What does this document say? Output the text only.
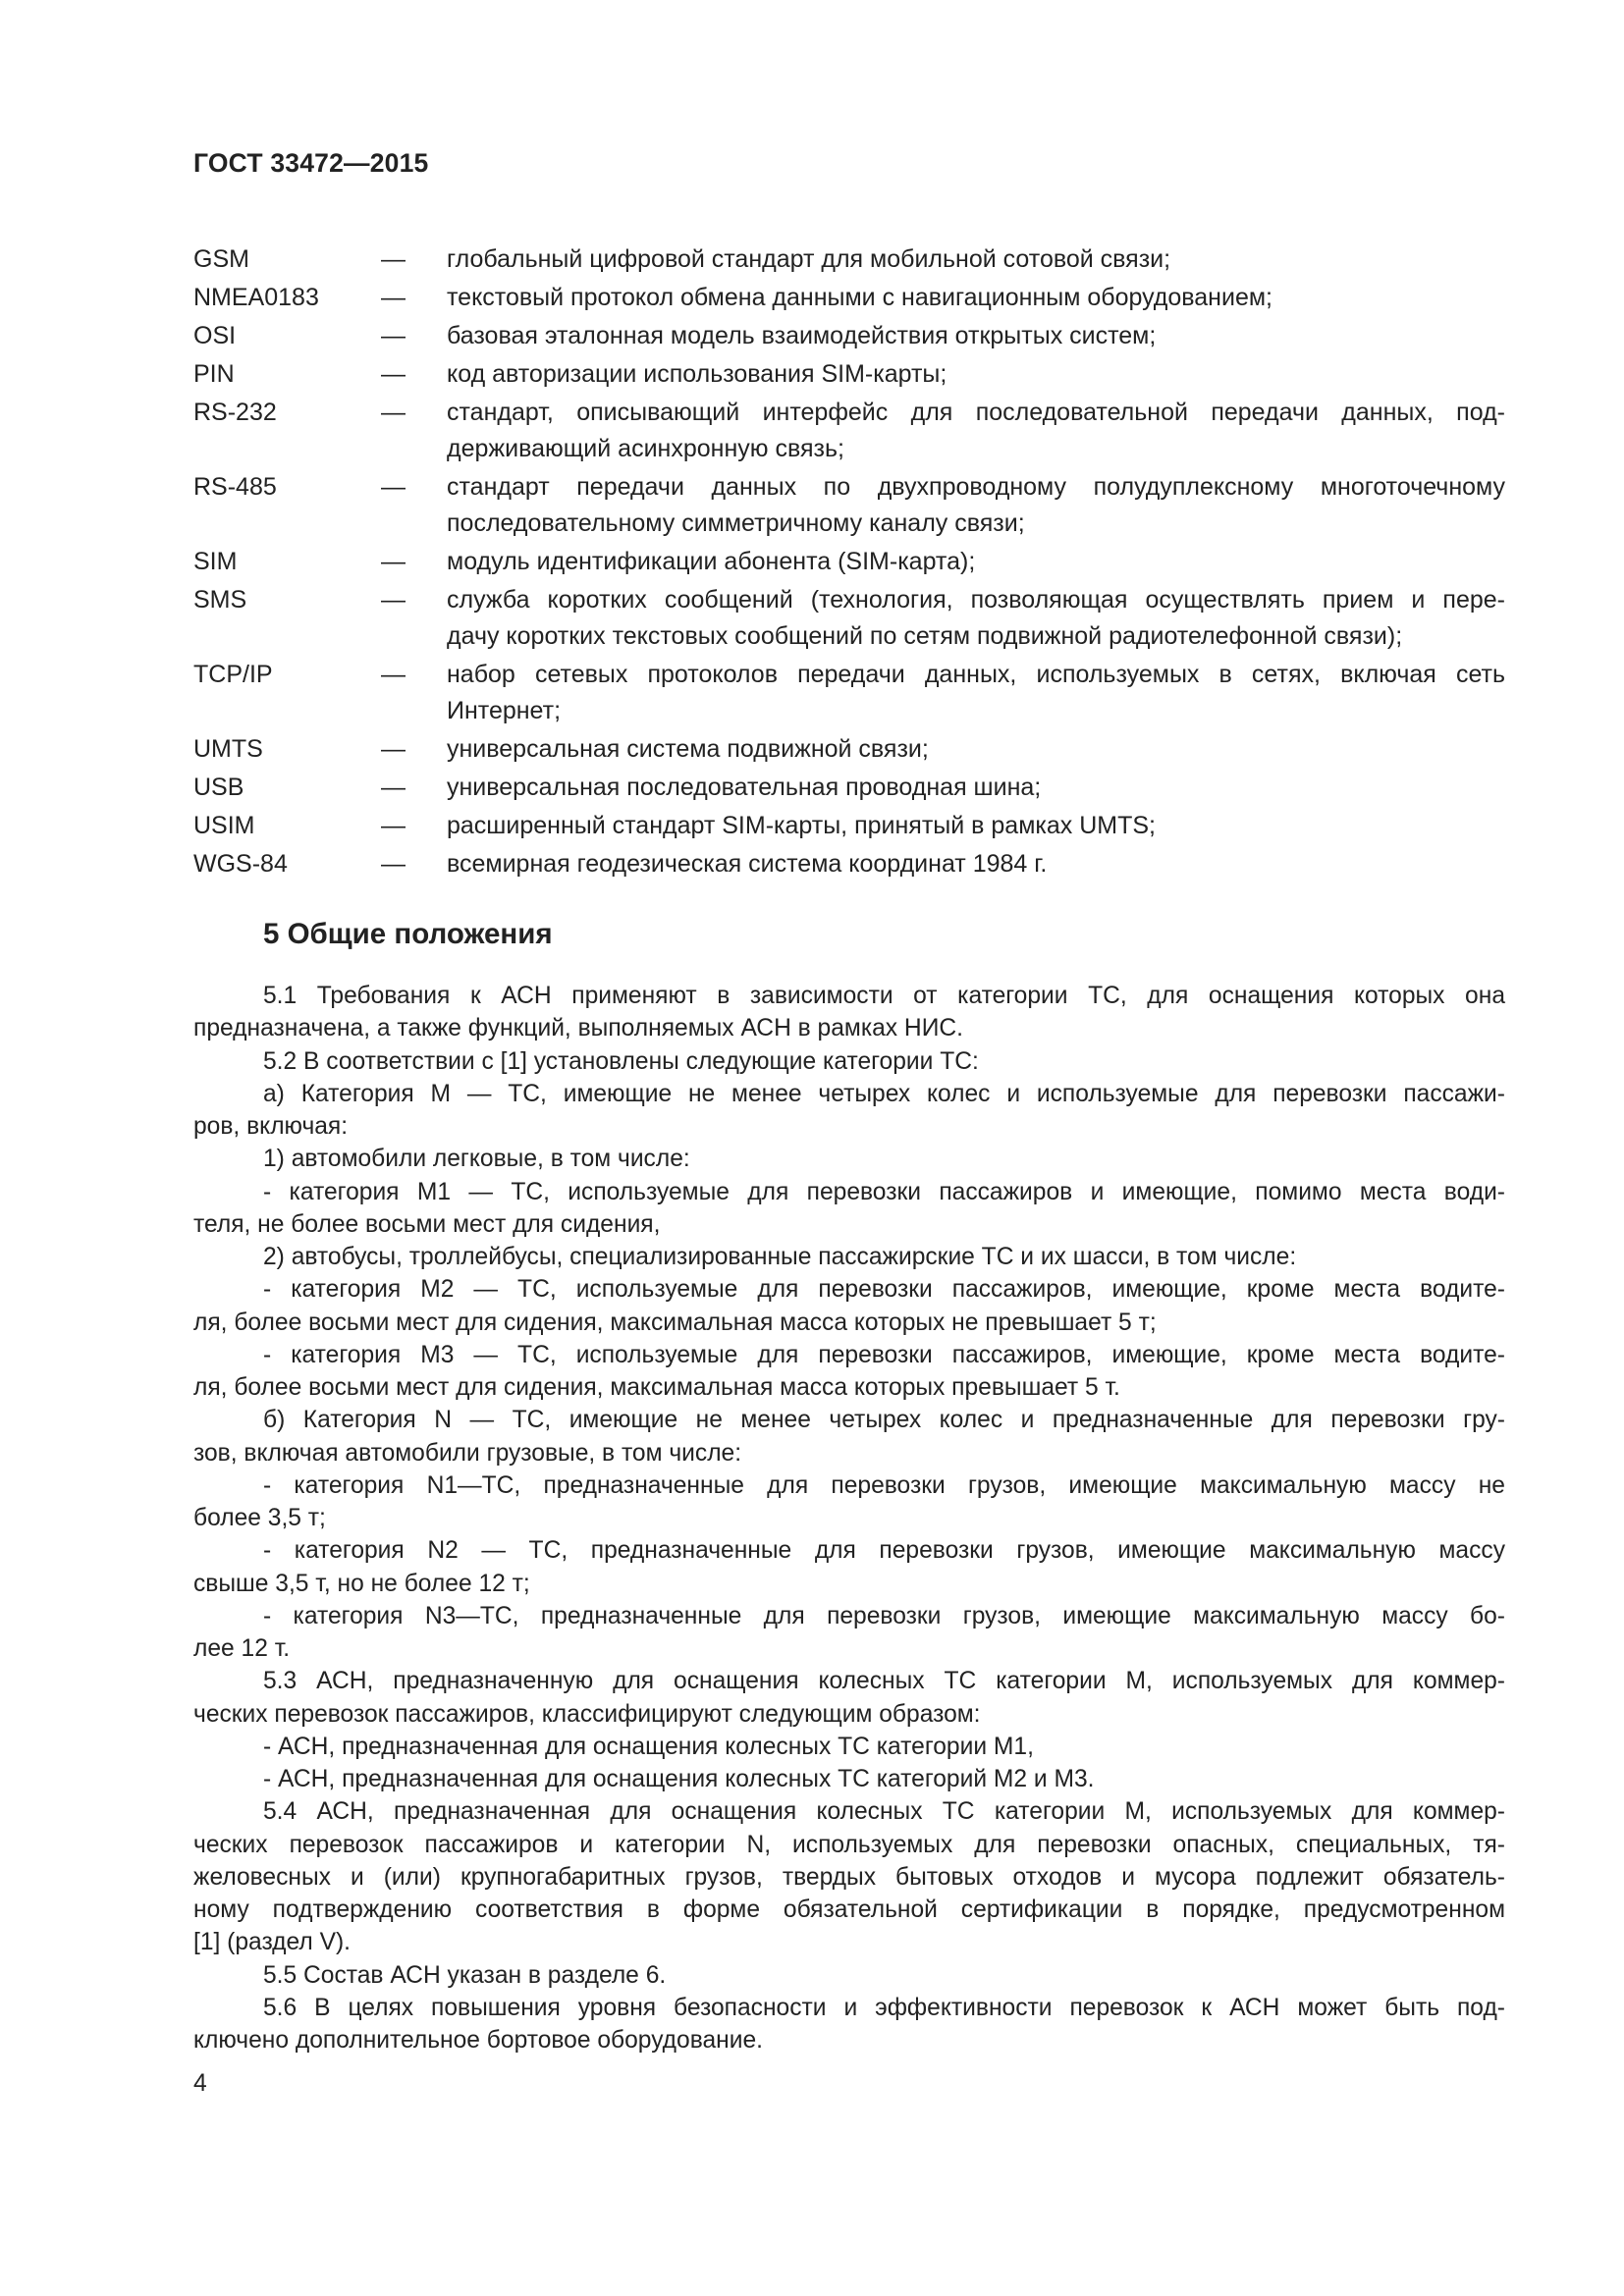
ГОСТ 33472—2015
GSM	—	глобальный цифровой стандарт для мобильной сотовой связи;
NMEA0183	—	текстовый протокол обмена данными с навигационным оборудованием;
OSI	—	базовая эталонная модель взаимодействия открытых систем;
PIN	—	код авторизации использования SIM-карты;
RS-232	—	стандарт, описывающий интерфейс для последовательной передачи данных, под-
держивающий асинхронную связь;
RS-485	—	стандарт передачи данных по двухпроводному полудуплексному многоточечному
последовательному симметричному каналу связи;
SIM	—	модуль идентификации абонента (SIM-карта);
SMS	—	служба коротких сообщений (технология, позволяющая осуществлять прием и пере-
дачу коротких текстовых сообщений по сетям подвижной радиотелефонной связи);
TCP/IP	—	набор сетевых протоколов передачи данных, используемых в сетях, включая сеть
Интернет;
UMTS	—	универсальная система подвижной связи;
USB	—	универсальная последовательная проводная шина;
USIM	—	расширенный стандарт SIM-карты, принятый в рамках UMTS;
WGS-84	—	всемирная геодезическая система координат 1984 г.
5 Общие положения
5.1 Требования к АСН применяют в зависимости от категории ТС, для оснащения которых она
предназначена, а также функций, выполняемых АСН в рамках НИС.
5.2 В соответствии с [1] установлены следующие категории ТС:
а) Категория М — ТС, имеющие не менее четырех колес и используемые для перевозки пассажи-
ров, включая:
1) автомобили легковые, в том числе:
- категория М1 — ТС, используемые для перевозки пассажиров и имеющие, помимо места води-
теля, не более восьми мест для сидения,
2) автобусы, троллейбусы, специализированные пассажирские ТС и их шасси, в том числе:
- категория М2 — ТС, используемые для перевозки пассажиров, имеющие, кроме места водите-
ля, более восьми мест для сидения, максимальная масса которых не превышает 5 т;
- категория М3 — ТС, используемые для перевозки пассажиров, имеющие, кроме места водите-
ля, более восьми мест для сидения, максимальная масса которых превышает 5 т.
б) Категория N — ТС, имеющие не менее четырех колес и предназначенные для перевозки гру-
зов, включая автомобили грузовые, в том числе:
- категория N1—ТС, предназначенные для перевозки грузов, имеющие максимальную массу не
более 3,5 т;
- категория N2 — ТС, предназначенные для перевозки грузов, имеющие максимальную массу
свыше 3,5 т, но не более 12 т;
- категория N3—ТС, предназначенные для перевозки грузов, имеющие максимальную массу бо-
лее 12 т.
5.3 АСН, предназначенную для оснащения колесных ТС категории М, используемых для коммер-
ческих перевозок пассажиров, классифицируют следующим образом:
- АСН, предназначенная для оснащения колесных ТС категории М1,
- АСН, предназначенная для оснащения колесных ТС категорий М2 и М3.
5.4 АСН, предназначенная для оснащения колесных ТС категории М, используемых для коммер-
ческих перевозок пассажиров и категории N, используемых для перевозки опасных, специальных, тя-
желовесных и (или) крупногабаритных грузов, твердых бытовых отходов и мусора подлежит обязатель-
ному подтверждению соответствия в форме обязательной сертификации в порядке, предусмотренном
[1] (раздел V).
5.5 Состав АСН указан в разделе 6.
5.6 В целях повышения уровня безопасности и эффективности перевозок к АСН может быть под-
ключено дополнительное бортовое оборудование.
4
